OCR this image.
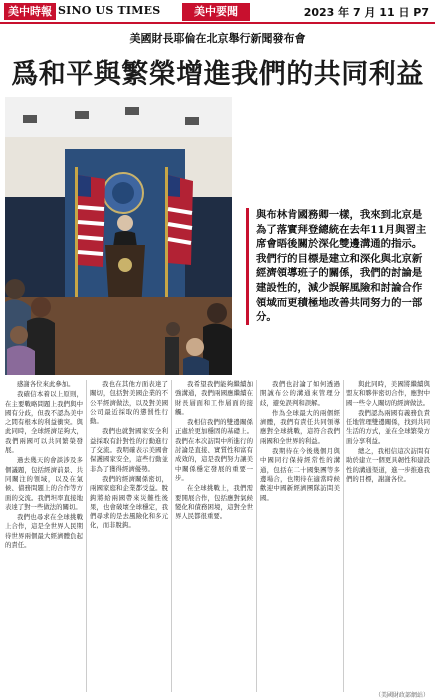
美中時報 SINO US TIMES	美中要聞	2023 年 7 月 11 日 P7
美國財長耶倫在北京舉行新聞發布會
爲和平與繁榮增進我們的共同利益
與布林肯國務卿一樣，我來到北京是為了落實拜登總統在去年11月與習主席會晤後關於深化雙邊溝通的指示。我們行的目標是建立和深化與北京新經濟領導班子的關係，我們的討論是建設性的，減少誤解風險和討論合作領域而更積極地改善共同努力的一部分。

感謝各位來此參加。

我確信本着以上原則，在主要戰略問題上我們與中國有分歧，但我不認為美中之間有根本的利益衝突。與此同時，全球經濟足夠大，我們兩國可以共同繁榮發展。

過去幾天的會談涉及多個議題，包括經濟前景、共同關注的領域，以及在氣候、債務問題上的合作等方面的交流。我們坦率直接地表達了對一些做法的關切。

我們也尋求在全球挑戰上合作，這是全世界人民期待世界兩個最大經濟體負起的責任。

我也在其他方面表達了關切，包括對美國企業的不公平經濟做法，以及對美國公司最近採取的懲罰性行動。

我們也就對國家安全利益採取有針對性的行動進行了交流。我明確表示美國會保護國家安全，這些行動並非為了獲得經濟優勢。

我們的經濟關係密切，兩國家庭和企業都受益。脫鈎將給兩國帶來災難性後果，也會破壞全球穩定，我們尋求的是去風險化和多元化，而非脫鈎。

我希望我們能夠繼續加強溝通，我們兩國應繼續在財長層面和工作層面的接觸。

我相信我們的雙邊關係正處於更加穩固的基礎上。我們在本次訪問中所進行的討論是直接、實質性和富有成效的，這是我們努力讓美中關係穩定發展的重要一步。

在全球挑戰上，我們需要開展合作，包括應對氣候變化和債務困境，這對全世界人民都很重要。

我們也討論了如何透過開誠布公的溝通來管理分歧，避免誤判和誤解。

作為全球最大的兩個經濟體，我們有責任共同領導應對全球挑戰，這符合我們兩國和全世界的利益。

我期待在今後幾個月與中國同行保持經常性的溝通，包括在二十國集團等多邊場合，也期待在適當時候歡迎中國新經濟團隊訪問美國。

與此同時，美國將繼續與盟友和夥伴密切合作，應對中國一些令人關切的經濟做法。

我們認為兩國有義務負責任地管理雙邊關係，找到共同生活的方式，並在全球繁榮方面分享利益。

總之，我相信這次訪問有助於建立一個更具韌性和建設性的溝通渠道，進一步推進我們的目標，謝謝各位。

（美國財政部網站）
